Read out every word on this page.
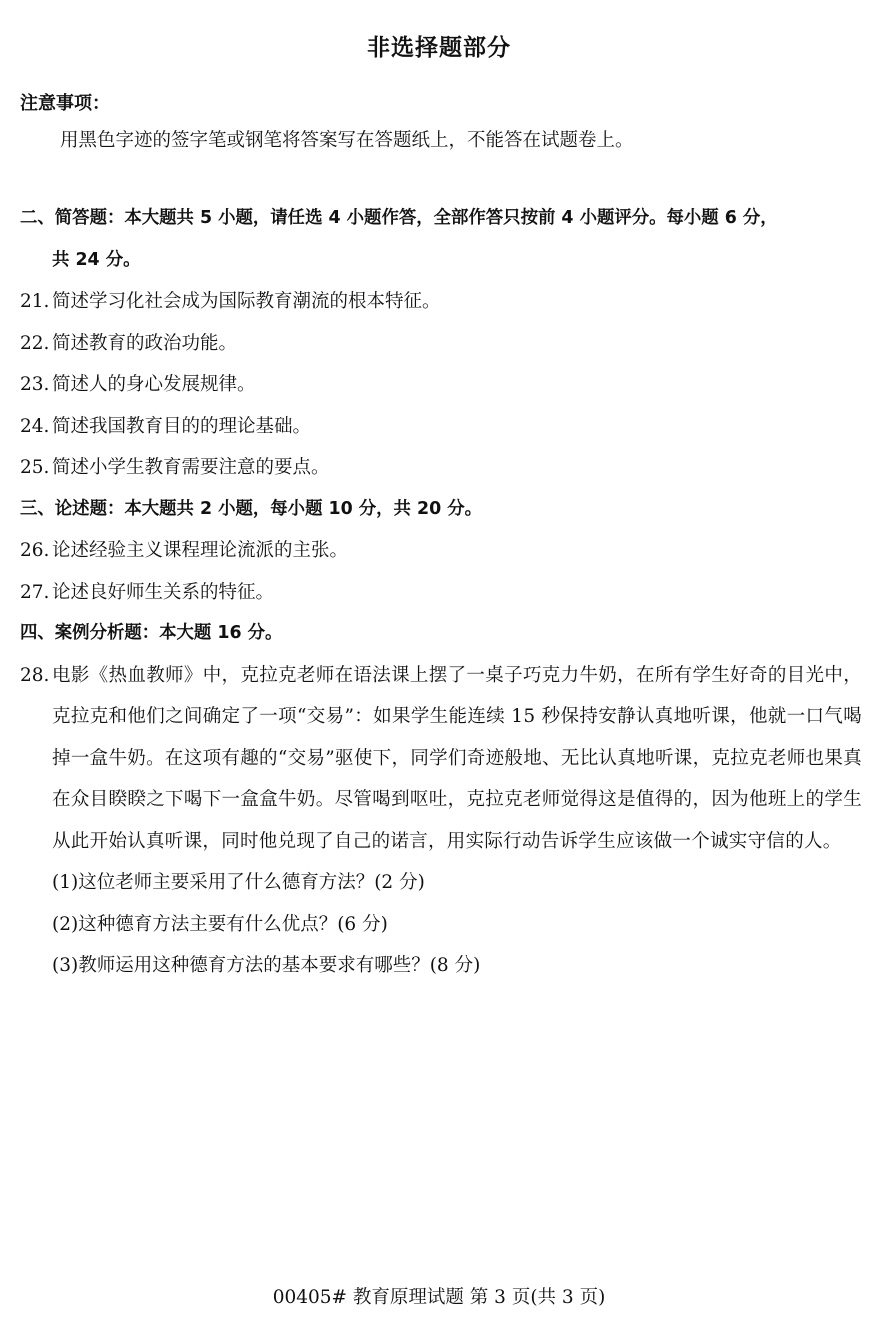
非选择题部分
注意事项：
用黑色字迹的签字笔或钢笔将答案写在答题纸上，不能答在试题卷上。
二、简答题：本大题共 5 小题，请任选 4 小题作答，全部作答只按前 4 小题评分。每小题 6 分，
共 24 分。
21. 简述学习化社会成为国际教育潮流的根本特征。
22. 简述教育的政治功能。
23. 简述人的身心发展规律。
24. 简述我国教育目的的理论基础。
25. 简述小学生教育需要注意的要点。
三、论述题：本大题共 2 小题，每小题 10 分，共 20 分。
26. 论述经验主义课程理论流派的主张。
27. 论述良好师生关系的特征。
四、案例分析题：本大题 16 分。
28. 电影《热血教师》中，克拉克老师在语法课上摆了一桌子巧克力牛奶，在所有学生好奇的目光中，克拉克和他们之间确定了一项“交易”：如果学生能连续 15 秒保持安静认真地听课，他就一口气喝掉一盒牛奶。在这项有趣的“交易”驱使下，同学们奇迹般地、无比认真地听课，克拉克老师也果真在众目睽睽之下喝下一盒盒牛奶。尽管喝到呕吐，克拉克老师觉得这是值得的，因为他班上的学生从此开始认真听课，同时他兑现了自己的诺言，用实际行动告诉学生应该做一个诚实守信的人。
(1)这位老师主要采用了什么德育方法？(2 分)
(2)这种德育方法主要有什么优点？(6 分)
(3)教师运用这种德育方法的基本要求有哪些？(8 分)
00405# 教育原理试题 第 3 页(共 3 页)
